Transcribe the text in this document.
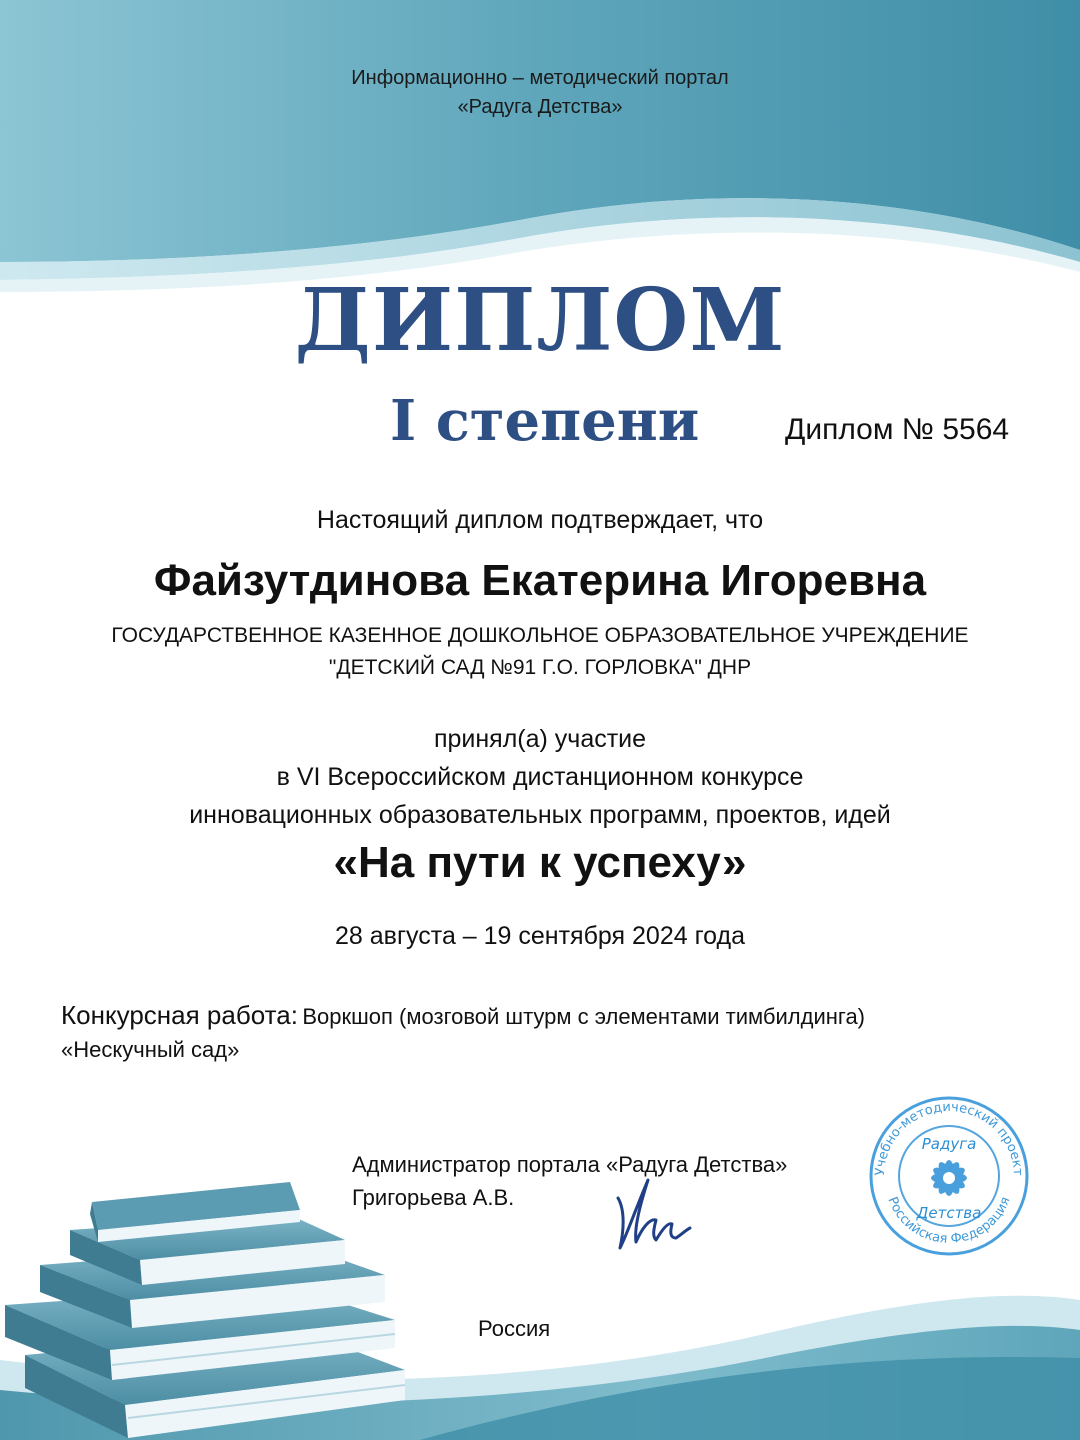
Информационно – методический портал
«Радуга Детства»
ДИПЛОМ
I степени	Диплом № 5564
Настоящий диплом подтверждает, что
Файзутдинова Екатерина Игоревна
ГОСУДАРСТВЕННОЕ КАЗЕННОЕ ДОШКОЛЬНОЕ ОБРАЗОВАТЕЛЬНОЕ УЧРЕЖДЕНИЕ
"ДЕТСКИЙ САД №91 Г.О. ГОРЛОВКА" ДНР
принял(а) участие
в VI Всероссийском дистанционном конкурсе
инновационных образовательных программ, проектов, идей
«На пути к успеху»
28 августа – 19 сентября 2024 года
Конкурсная работа: Воркшоп (мозговой штурм с элементами тимбилдинга)
«Нескучный сад»
Администратор портала «Радуга Детства»
Григорьева А.В.
Учебно-методический проект
Российская Федерация
Радуга
Детства
Россия
